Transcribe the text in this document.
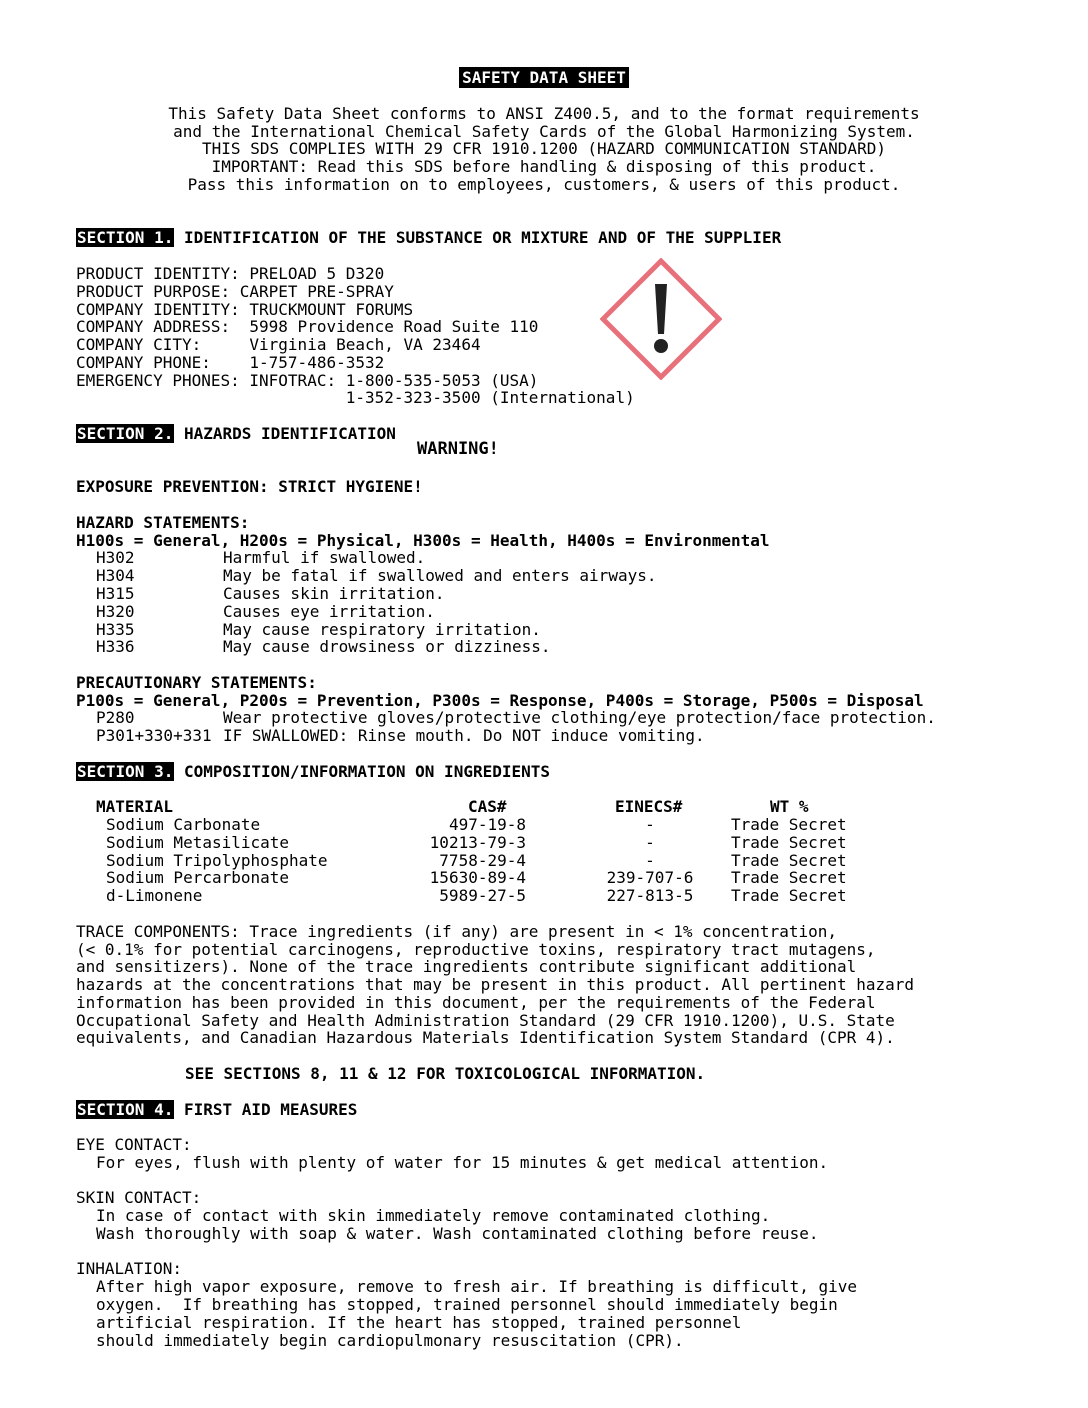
SAFETY DATA SHEET
This Safety Data Sheet conforms to ANSI Z400.5, and to the format requirements
and the International Chemical Safety Cards of the Global Harmonizing System.
THIS SDS COMPLIES WITH 29 CFR 1910.1200 (HAZARD COMMUNICATION STANDARD)
IMPORTANT: Read this SDS before handling & disposing of this product.
Pass this information on to employees, customers, & users of this product.
SECTION 1. IDENTIFICATION OF THE SUBSTANCE OR MIXTURE AND OF THE SUPPLIER
PRODUCT IDENTITY: PRELOAD 5 D320
PRODUCT PURPOSE: CARPET PRE-SPRAY
COMPANY IDENTITY: TRUCKMOUNT FORUMS
COMPANY ADDRESS:  5998 Providence Road Suite 110
COMPANY CITY:     Virginia Beach, VA 23464
COMPANY PHONE:    1-757-486-3532
EMERGENCY PHONES: INFOTRAC: 1-800-535-5053 (USA)
1-352-323-3500 (International)
SECTION 2. HAZARDS IDENTIFICATION
WARNING!
EXPOSURE PREVENTION: STRICT HYGIENE!
HAZARD STATEMENTS:
H100s = General, H200s = Physical, H300s = Health, H400s = Environmental
H302	Harmful if swallowed.
H304	May be fatal if swallowed and enters airways.
H315	Causes skin irritation.
H320	Causes eye irritation.
H335	May cause respiratory irritation.
H336	May cause drowsiness or dizziness.
PRECAUTIONARY STATEMENTS:
P100s = General, P200s = Prevention, P300s = Response, P400s = Storage, P500s = Disposal
P280	Wear protective gloves/protective clothing/eye protection/face protection.
P301+330+331 IF SWALLOWED: Rinse mouth. Do NOT induce vomiting.
SECTION 3. COMPOSITION/INFORMATION ON INGREDIENTS
MATERIAL	CAS#	EINECS#	WT %
Sodium Carbonate	497-19-8	-	Trade Secret
Sodium Metasilicate	10213-79-3	-	Trade Secret
Sodium Tripolyphosphate	7758-29-4	-	Trade Secret
Sodium Percarbonate	15630-89-4	239-707-6	Trade Secret
d-Limonene	5989-27-5	227-813-5	Trade Secret
TRACE COMPONENTS: Trace ingredients (if any) are present in < 1% concentration,
(< 0.1% for potential carcinogens, reproductive toxins, respiratory tract mutagens,
and sensitizers). None of the trace ingredients contribute significant additional
hazards at the concentrations that may be present in this product. All pertinent hazard
information has been provided in this document, per the requirements of the Federal
Occupational Safety and Health Administration Standard (29 CFR 1910.1200), U.S. State
equivalents, and Canadian Hazardous Materials Identification System Standard (CPR 4).
SEE SECTIONS 8, 11 & 12 FOR TOXICOLOGICAL INFORMATION.
SECTION 4. FIRST AID MEASURES
EYE CONTACT:
For eyes, flush with plenty of water for 15 minutes & get medical attention.
SKIN CONTACT:
In case of contact with skin immediately remove contaminated clothing.
Wash thoroughly with soap & water. Wash contaminated clothing before reuse.
INHALATION:
After high vapor exposure, remove to fresh air. If breathing is difficult, give
oxygen.  If breathing has stopped, trained personnel should immediately begin
artificial respiration. If the heart has stopped, trained personnel
should immediately begin cardiopulmonary resuscitation (CPR).
